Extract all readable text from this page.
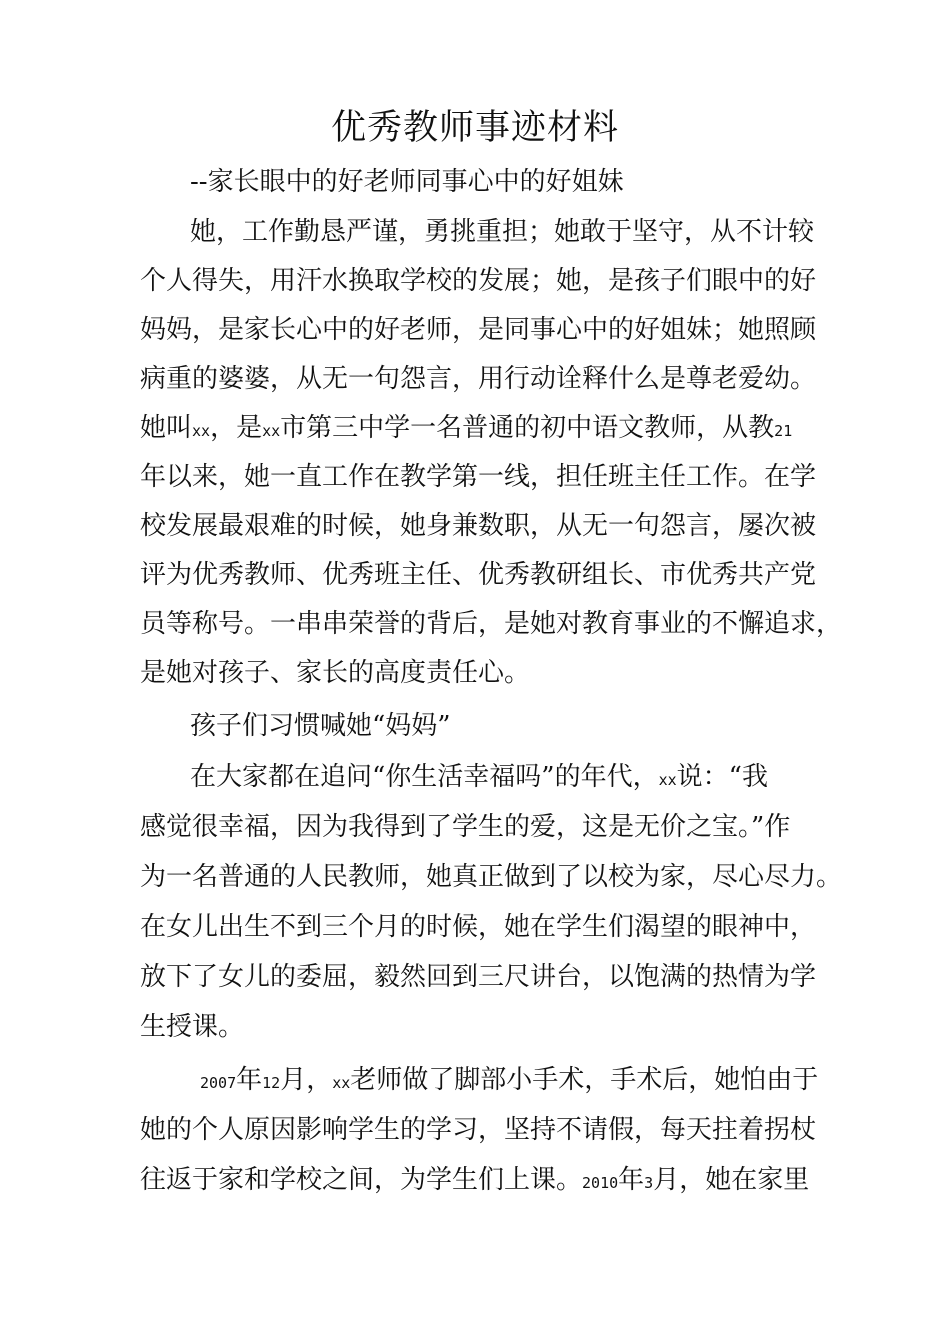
优秀教师事迹材料
--家长眼中的好老师同事心中的好姐妹
她，工作勤恳严谨，勇挑重担；她敢于坚守，从不计较
个人得失，用汗水换取学校的发展；她，是孩子们眼中的好
妈妈，是家长心中的好老师，是同事心中的好姐妹；她照顾
病重的婆婆，从无一句怨言，用行动诠释什么是尊老爱幼。
她叫xx，是xx市第三中学一名普通的初中语文教师，从教21
年以来，她一直工作在教学第一线，担任班主任工作。在学
校发展最艰难的时候，她身兼数职，从无一句怨言，屡次被
评为优秀教师、优秀班主任、优秀教研组长、市优秀共产党
员等称号。一串串荣誉的背后，是她对教育事业的不懈追求，
是她对孩子、家长的高度责任心。
孩子们习惯喊她“妈妈”
在大家都在追问“你生活幸福吗”的年代，xx说：“我
感觉很幸福，因为我得到了学生的爱，这是无价之宝。”作
为一名普通的人民教师，她真正做到了以校为家，尽心尽力。
在女儿出生不到三个月的时候，她在学生们渴望的眼神中，
放下了女儿的委屈，毅然回到三尺讲台，以饱满的热情为学
生授课。
2007年12月，xx老师做了脚部小手术，手术后，她怕由于
她的个人原因影响学生的学习，坚持不请假，每天拄着拐杖
往返于家和学校之间，为学生们上课。2010年3月，她在家里
